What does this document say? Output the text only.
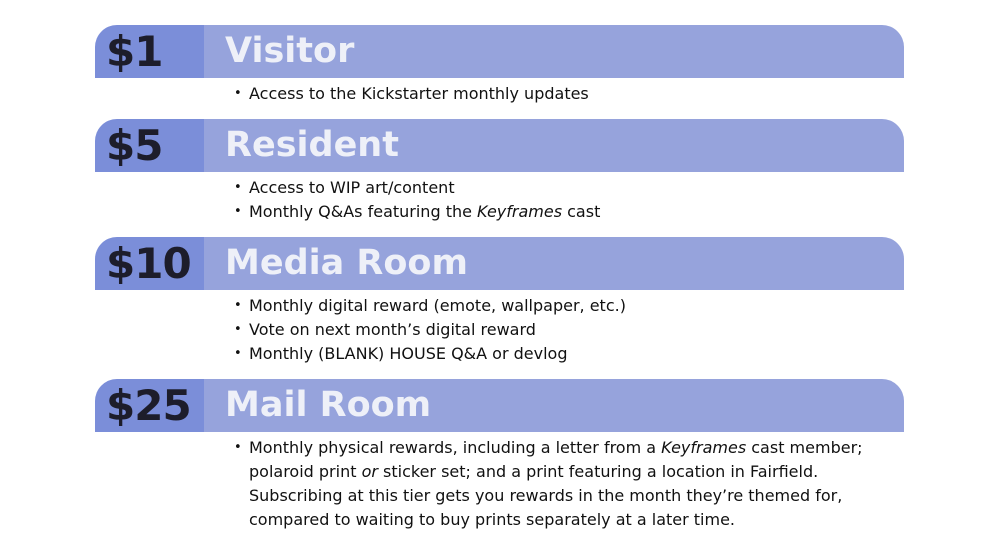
$1 Visitor
• Access to the Kickstarter monthly updates
$5 Resident
• Access to WIP art/content
• Monthly Q&As featuring the Keyframes cast
$10 Media Room
• Monthly digital reward (emote, wallpaper, etc.)
• Vote on next month’s digital reward
• Monthly (BLANK) HOUSE Q&A or devlog
$25 Mail Room
• Monthly physical rewards, including a letter from a Keyframes cast member; polaroid print or sticker set; and a print featuring a location in Fairfield. Subscribing at this tier gets you rewards in the month they’re themed for, compared to waiting to buy prints separately at a later time.
